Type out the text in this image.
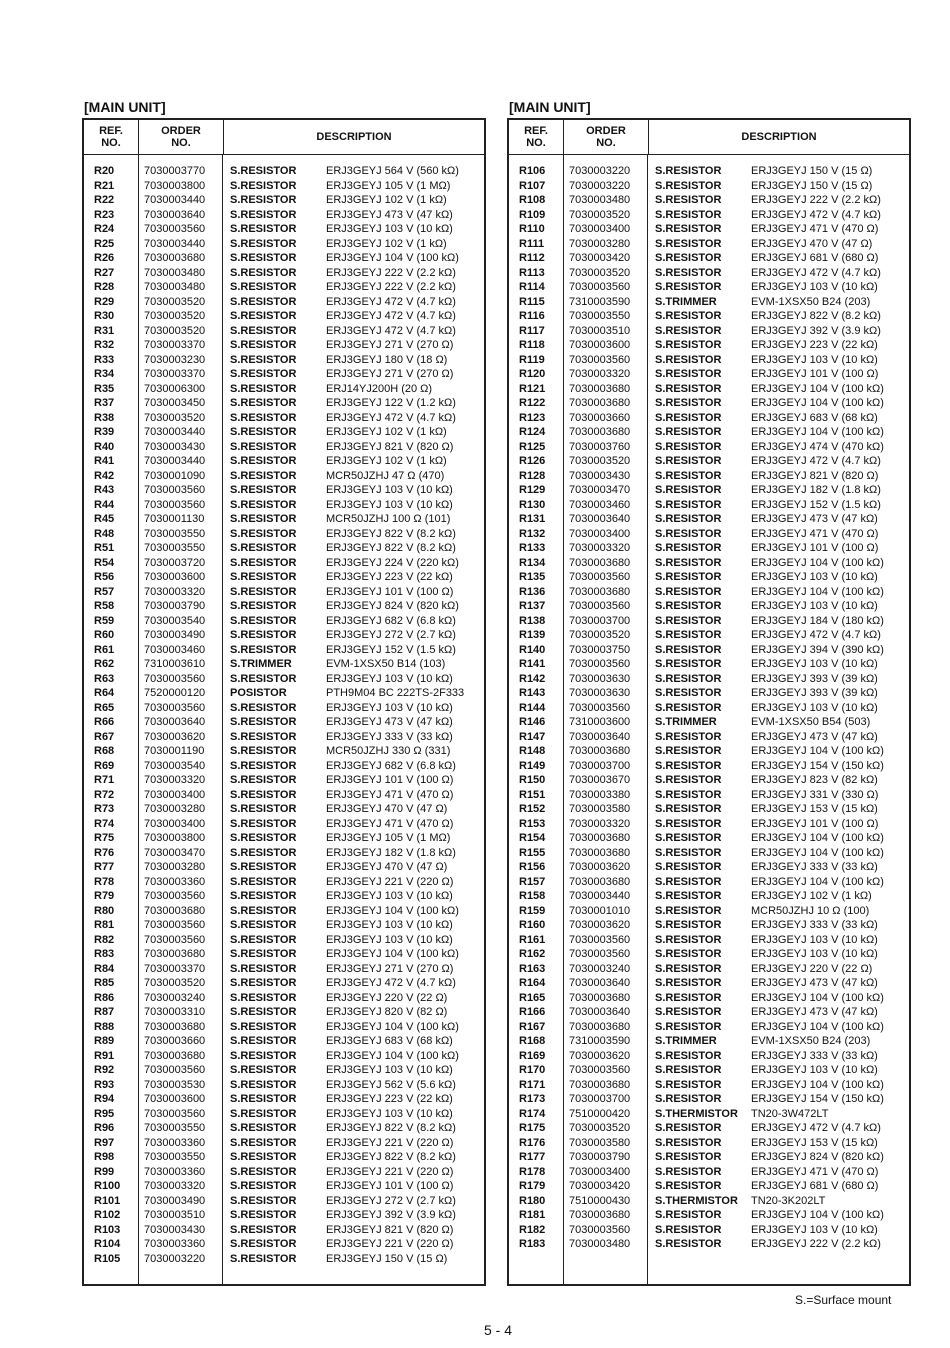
[MAIN UNIT]
REF.
NO.
ORDER
NO.	DESCRIPTION
R20	7030003770	S.RESISTOR	ERJ3GEYJ 564 V (560 kΩ)
R21	7030003800	S.RESISTOR	ERJ3GEYJ 105 V (1 MΩ)
R22	7030003440	S.RESISTOR	ERJ3GEYJ 102 V (1 kΩ)
R23	7030003640	S.RESISTOR	ERJ3GEYJ 473 V (47 kΩ)
R24	7030003560	S.RESISTOR	ERJ3GEYJ 103 V (10 kΩ)
R25	7030003440	S.RESISTOR	ERJ3GEYJ 102 V (1 kΩ)
R26	7030003680	S.RESISTOR	ERJ3GEYJ 104 V (100 kΩ)
R27	7030003480	S.RESISTOR	ERJ3GEYJ 222 V (2.2 kΩ)
R28	7030003480	S.RESISTOR	ERJ3GEYJ 222 V (2.2 kΩ)
R29	7030003520	S.RESISTOR	ERJ3GEYJ 472 V (4.7 kΩ)
R30	7030003520	S.RESISTOR	ERJ3GEYJ 472 V (4.7 kΩ)
R31	7030003520	S.RESISTOR	ERJ3GEYJ 472 V (4.7 kΩ)
R32	7030003370	S.RESISTOR	ERJ3GEYJ 271 V (270 Ω)
R33	7030003230	S.RESISTOR	ERJ3GEYJ 180 V (18 Ω)
R34	7030003370	S.RESISTOR	ERJ3GEYJ 271 V (270 Ω)
R35	7030006300	S.RESISTOR	ERJ14YJ200H (20 Ω)
R37	7030003450	S.RESISTOR	ERJ3GEYJ 122 V (1.2 kΩ)
R38	7030003520	S.RESISTOR	ERJ3GEYJ 472 V (4.7 kΩ)
R39	7030003440	S.RESISTOR	ERJ3GEYJ 102 V (1 kΩ)
R40	7030003430	S.RESISTOR	ERJ3GEYJ 821 V (820 Ω)
R41	7030003440	S.RESISTOR	ERJ3GEYJ 102 V (1 kΩ)
R42	7030001090	S.RESISTOR	MCR50JZHJ 47 Ω (470)
R43	7030003560	S.RESISTOR	ERJ3GEYJ 103 V (10 kΩ)
R44	7030003560	S.RESISTOR	ERJ3GEYJ 103 V (10 kΩ)
R45	7030001130	S.RESISTOR	MCR50JZHJ 100 Ω (101)
R48	7030003550	S.RESISTOR	ERJ3GEYJ 822 V (8.2 kΩ)
R51	7030003550	S.RESISTOR	ERJ3GEYJ 822 V (8.2 kΩ)
R54	7030003720	S.RESISTOR	ERJ3GEYJ 224 V (220 kΩ)
R56	7030003600	S.RESISTOR	ERJ3GEYJ 223 V (22 kΩ)
R57	7030003320	S.RESISTOR	ERJ3GEYJ 101 V (100 Ω)
R58	7030003790	S.RESISTOR	ERJ3GEYJ 824 V (820 kΩ)
R59	7030003540	S.RESISTOR	ERJ3GEYJ 682 V (6.8 kΩ)
R60	7030003490	S.RESISTOR	ERJ3GEYJ 272 V (2.7 kΩ)
R61	7030003460	S.RESISTOR	ERJ3GEYJ 152 V (1.5 kΩ)
R62	7310003610	S.TRIMMER	EVM-1XSX50 B14 (103)
R63	7030003560	S.RESISTOR	ERJ3GEYJ 103 V (10 kΩ)
R64	7520000120	POSISTOR	PTH9M04 BC 222TS-2F333
R65	7030003560	S.RESISTOR	ERJ3GEYJ 103 V (10 kΩ)
R66	7030003640	S.RESISTOR	ERJ3GEYJ 473 V (47 kΩ)
R67	7030003620	S.RESISTOR	ERJ3GEYJ 333 V (33 kΩ)
R68	7030001190	S.RESISTOR	MCR50JZHJ 330 Ω (331)
R69	7030003540	S.RESISTOR	ERJ3GEYJ 682 V (6.8 kΩ)
R71	7030003320	S.RESISTOR	ERJ3GEYJ 101 V (100 Ω)
R72	7030003400	S.RESISTOR	ERJ3GEYJ 471 V (470 Ω)
R73	7030003280	S.RESISTOR	ERJ3GEYJ 470 V (47 Ω)
R74	7030003400	S.RESISTOR	ERJ3GEYJ 471 V (470 Ω)
R75	7030003800	S.RESISTOR	ERJ3GEYJ 105 V (1 MΩ)
R76	7030003470	S.RESISTOR	ERJ3GEYJ 182 V (1.8 kΩ)
R77	7030003280	S.RESISTOR	ERJ3GEYJ 470 V (47 Ω)
R78	7030003360	S.RESISTOR	ERJ3GEYJ 221 V (220 Ω)
R79	7030003560	S.RESISTOR	ERJ3GEYJ 103 V (10 kΩ)
R80	7030003680	S.RESISTOR	ERJ3GEYJ 104 V (100 kΩ)
R81	7030003560	S.RESISTOR	ERJ3GEYJ 103 V (10 kΩ)
R82	7030003560	S.RESISTOR	ERJ3GEYJ 103 V (10 kΩ)
R83	7030003680	S.RESISTOR	ERJ3GEYJ 104 V (100 kΩ)
R84	7030003370	S.RESISTOR	ERJ3GEYJ 271 V (270 Ω)
R85	7030003520	S.RESISTOR	ERJ3GEYJ 472 V (4.7 kΩ)
R86	7030003240	S.RESISTOR	ERJ3GEYJ 220 V (22 Ω)
R87	7030003310	S.RESISTOR	ERJ3GEYJ 820 V (82 Ω)
R88	7030003680	S.RESISTOR	ERJ3GEYJ 104 V (100 kΩ)
R89	7030003660	S.RESISTOR	ERJ3GEYJ 683 V (68 kΩ)
R91	7030003680	S.RESISTOR	ERJ3GEYJ 104 V (100 kΩ)
R92	7030003560	S.RESISTOR	ERJ3GEYJ 103 V (10 kΩ)
R93	7030003530	S.RESISTOR	ERJ3GEYJ 562 V (5.6 kΩ)
R94	7030003600	S.RESISTOR	ERJ3GEYJ 223 V (22 kΩ)
R95	7030003560	S.RESISTOR	ERJ3GEYJ 103 V (10 kΩ)
R96	7030003550	S.RESISTOR	ERJ3GEYJ 822 V (8.2 kΩ)
R97	7030003360	S.RESISTOR	ERJ3GEYJ 221 V (220 Ω)
R98	7030003550	S.RESISTOR	ERJ3GEYJ 822 V (8.2 kΩ)
R99	7030003360	S.RESISTOR	ERJ3GEYJ 221 V (220 Ω)
R100	7030003320	S.RESISTOR	ERJ3GEYJ 101 V (100 Ω)
R101	7030003490	S.RESISTOR	ERJ3GEYJ 272 V (2.7 kΩ)
R102	7030003510	S.RESISTOR	ERJ3GEYJ 392 V (3.9 kΩ)
R103	7030003430	S.RESISTOR	ERJ3GEYJ 821 V (820 Ω)
R104	7030003360	S.RESISTOR	ERJ3GEYJ 221 V (220 Ω)
R105	7030003220	S.RESISTOR	ERJ3GEYJ 150 V (15 Ω)
[MAIN UNIT]
REF.
NO.
ORDER
NO.	DESCRIPTION
R106	7030003220	S.RESISTOR	ERJ3GEYJ 150 V (15 Ω)
R107	7030003220	S.RESISTOR	ERJ3GEYJ 150 V (15 Ω)
R108	7030003480	S.RESISTOR	ERJ3GEYJ 222 V (2.2 kΩ)
R109	7030003520	S.RESISTOR	ERJ3GEYJ 472 V (4.7 kΩ)
R110	7030003400	S.RESISTOR	ERJ3GEYJ 471 V (470 Ω)
R111	7030003280	S.RESISTOR	ERJ3GEYJ 470 V (47 Ω)
R112	7030003420	S.RESISTOR	ERJ3GEYJ 681 V (680 Ω)
R113	7030003520	S.RESISTOR	ERJ3GEYJ 472 V (4.7 kΩ)
R114	7030003560	S.RESISTOR	ERJ3GEYJ 103 V (10 kΩ)
R115	7310003590	S.TRIMMER	EVM-1XSX50 B24 (203)
R116	7030003550	S.RESISTOR	ERJ3GEYJ 822 V (8.2 kΩ)
R117	7030003510	S.RESISTOR	ERJ3GEYJ 392 V (3.9 kΩ)
R118	7030003600	S.RESISTOR	ERJ3GEYJ 223 V (22 kΩ)
R119	7030003560	S.RESISTOR	ERJ3GEYJ 103 V (10 kΩ)
R120	7030003320	S.RESISTOR	ERJ3GEYJ 101 V (100 Ω)
R121	7030003680	S.RESISTOR	ERJ3GEYJ 104 V (100 kΩ)
R122	7030003680	S.RESISTOR	ERJ3GEYJ 104 V (100 kΩ)
R123	7030003660	S.RESISTOR	ERJ3GEYJ 683 V (68 kΩ)
R124	7030003680	S.RESISTOR	ERJ3GEYJ 104 V (100 kΩ)
R125	7030003760	S.RESISTOR	ERJ3GEYJ 474 V (470 kΩ)
R126	7030003520	S.RESISTOR	ERJ3GEYJ 472 V (4.7 kΩ)
R128	7030003430	S.RESISTOR	ERJ3GEYJ 821 V (820 Ω)
R129	7030003470	S.RESISTOR	ERJ3GEYJ 182 V (1.8 kΩ)
R130	7030003460	S.RESISTOR	ERJ3GEYJ 152 V (1.5 kΩ)
R131	7030003640	S.RESISTOR	ERJ3GEYJ 473 V (47 kΩ)
R132	7030003400	S.RESISTOR	ERJ3GEYJ 471 V (470 Ω)
R133	7030003320	S.RESISTOR	ERJ3GEYJ 101 V (100 Ω)
R134	7030003680	S.RESISTOR	ERJ3GEYJ 104 V (100 kΩ)
R135	7030003560	S.RESISTOR	ERJ3GEYJ 103 V (10 kΩ)
R136	7030003680	S.RESISTOR	ERJ3GEYJ 104 V (100 kΩ)
R137	7030003560	S.RESISTOR	ERJ3GEYJ 103 V (10 kΩ)
R138	7030003700	S.RESISTOR	ERJ3GEYJ 184 V (180 kΩ)
R139	7030003520	S.RESISTOR	ERJ3GEYJ 472 V (4.7 kΩ)
R140	7030003750	S.RESISTOR	ERJ3GEYJ 394 V (390 kΩ)
R141	7030003560	S.RESISTOR	ERJ3GEYJ 103 V (10 kΩ)
R142	7030003630	S.RESISTOR	ERJ3GEYJ 393 V (39 kΩ)
R143	7030003630	S.RESISTOR	ERJ3GEYJ 393 V (39 kΩ)
R144	7030003560	S.RESISTOR	ERJ3GEYJ 103 V (10 kΩ)
R146	7310003600	S.TRIMMER	EVM-1XSX50 B54 (503)
R147	7030003640	S.RESISTOR	ERJ3GEYJ 473 V (47 kΩ)
R148	7030003680	S.RESISTOR	ERJ3GEYJ 104 V (100 kΩ)
R149	7030003700	S.RESISTOR	ERJ3GEYJ 154 V (150 kΩ)
R150	7030003670	S.RESISTOR	ERJ3GEYJ 823 V (82 kΩ)
R151	7030003380	S.RESISTOR	ERJ3GEYJ 331 V (330 Ω)
R152	7030003580	S.RESISTOR	ERJ3GEYJ 153 V (15 kΩ)
R153	7030003320	S.RESISTOR	ERJ3GEYJ 101 V (100 Ω)
R154	7030003680	S.RESISTOR	ERJ3GEYJ 104 V (100 kΩ)
R155	7030003680	S.RESISTOR	ERJ3GEYJ 104 V (100 kΩ)
R156	7030003620	S.RESISTOR	ERJ3GEYJ 333 V (33 kΩ)
R157	7030003680	S.RESISTOR	ERJ3GEYJ 104 V (100 kΩ)
R158	7030003440	S.RESISTOR	ERJ3GEYJ 102 V (1 kΩ)
R159	7030001010	S.RESISTOR	MCR50JZHJ 10 Ω (100)
R160	7030003620	S.RESISTOR	ERJ3GEYJ 333 V (33 kΩ)
R161	7030003560	S.RESISTOR	ERJ3GEYJ 103 V (10 kΩ)
R162	7030003560	S.RESISTOR	ERJ3GEYJ 103 V (10 kΩ)
R163	7030003240	S.RESISTOR	ERJ3GEYJ 220 V (22 Ω)
R164	7030003640	S.RESISTOR	ERJ3GEYJ 473 V (47 kΩ)
R165	7030003680	S.RESISTOR	ERJ3GEYJ 104 V (100 kΩ)
R166	7030003640	S.RESISTOR	ERJ3GEYJ 473 V (47 kΩ)
R167	7030003680	S.RESISTOR	ERJ3GEYJ 104 V (100 kΩ)
R168	7310003590	S.TRIMMER	EVM-1XSX50 B24 (203)
R169	7030003620	S.RESISTOR	ERJ3GEYJ 333 V (33 kΩ)
R170	7030003560	S.RESISTOR	ERJ3GEYJ 103 V (10 kΩ)
R171	7030003680	S.RESISTOR	ERJ3GEYJ 104 V (100 kΩ)
R173	7030003700	S.RESISTOR	ERJ3GEYJ 154 V (150 kΩ)
R174	7510000420	S.THERMISTOR	TN20-3W472LT
R175	7030003520	S.RESISTOR	ERJ3GEYJ 472 V (4.7 kΩ)
R176	7030003580	S.RESISTOR	ERJ3GEYJ 153 V (15 kΩ)
R177	7030003790	S.RESISTOR	ERJ3GEYJ 824 V (820 kΩ)
R178	7030003400	S.RESISTOR	ERJ3GEYJ 471 V (470 Ω)
R179	7030003420	S.RESISTOR	ERJ3GEYJ 681 V (680 Ω)
R180	7510000430	S.THERMISTOR	TN20-3K202LT
R181	7030003680	S.RESISTOR	ERJ3GEYJ 104 V (100 kΩ)
R182	7030003560	S.RESISTOR	ERJ3GEYJ 103 V (10 kΩ)
R183	7030003480	S.RESISTOR	ERJ3GEYJ 222 V (2.2 kΩ)
S.=Surface mount
5 - 4
